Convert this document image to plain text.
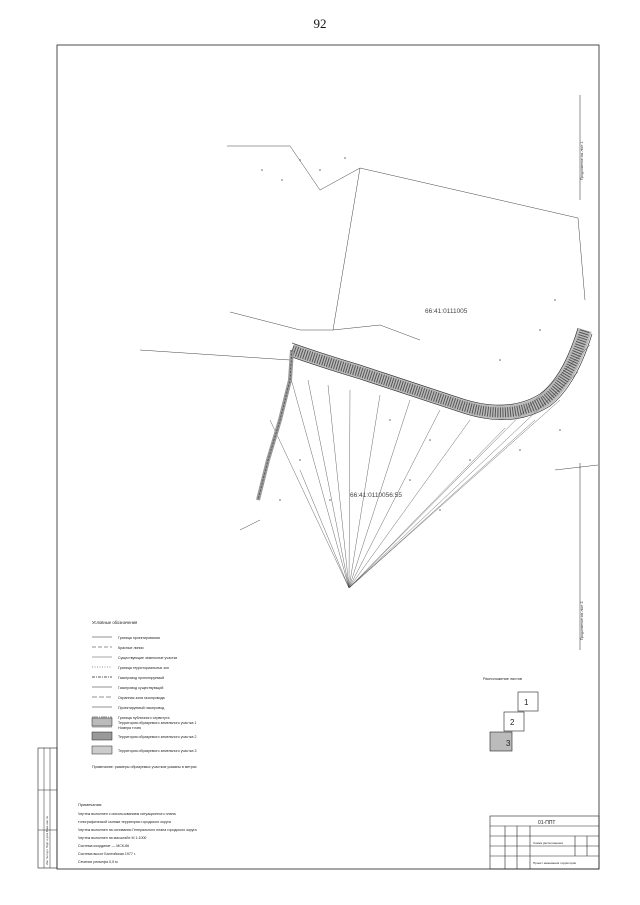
92
Инв. № подл. Подп. и дата Взам. инв. №
66:41:0111005
66:41:0110056:55
Продолжение см. лист 1
Продолжение см. лист 2
Условные обозначения
Граница проектирования
Красные линии
Существующие земельные участки
Граница территориальных зон
Газопровод проектируемый
Газопровод существующий
Охранная зона газопровода
Проектируемый газопровод
Граница публичного сервитута
Номера точек
Территория образуемого земельного участка 1
Территория образуемого земельного участка 2
Территория образуемого земельного участка 3
Примечание: размеры образуемых участков указаны в метрах
Расположение листов
1
2
3
Примечания:
Чертеж выполнен с использованием ситуационного плана
топографической съемки территории городского округа
Чертеж выполнен на основании Генерального плана городского округа
Чертеж выполнен на масштабе М 1:1000
Система координат — МСК-66
Система высот Балтийская 1977 г.
Сечение рельефа 0,5 м
01-ППТ
Схема расположения
Проект межевания территории
